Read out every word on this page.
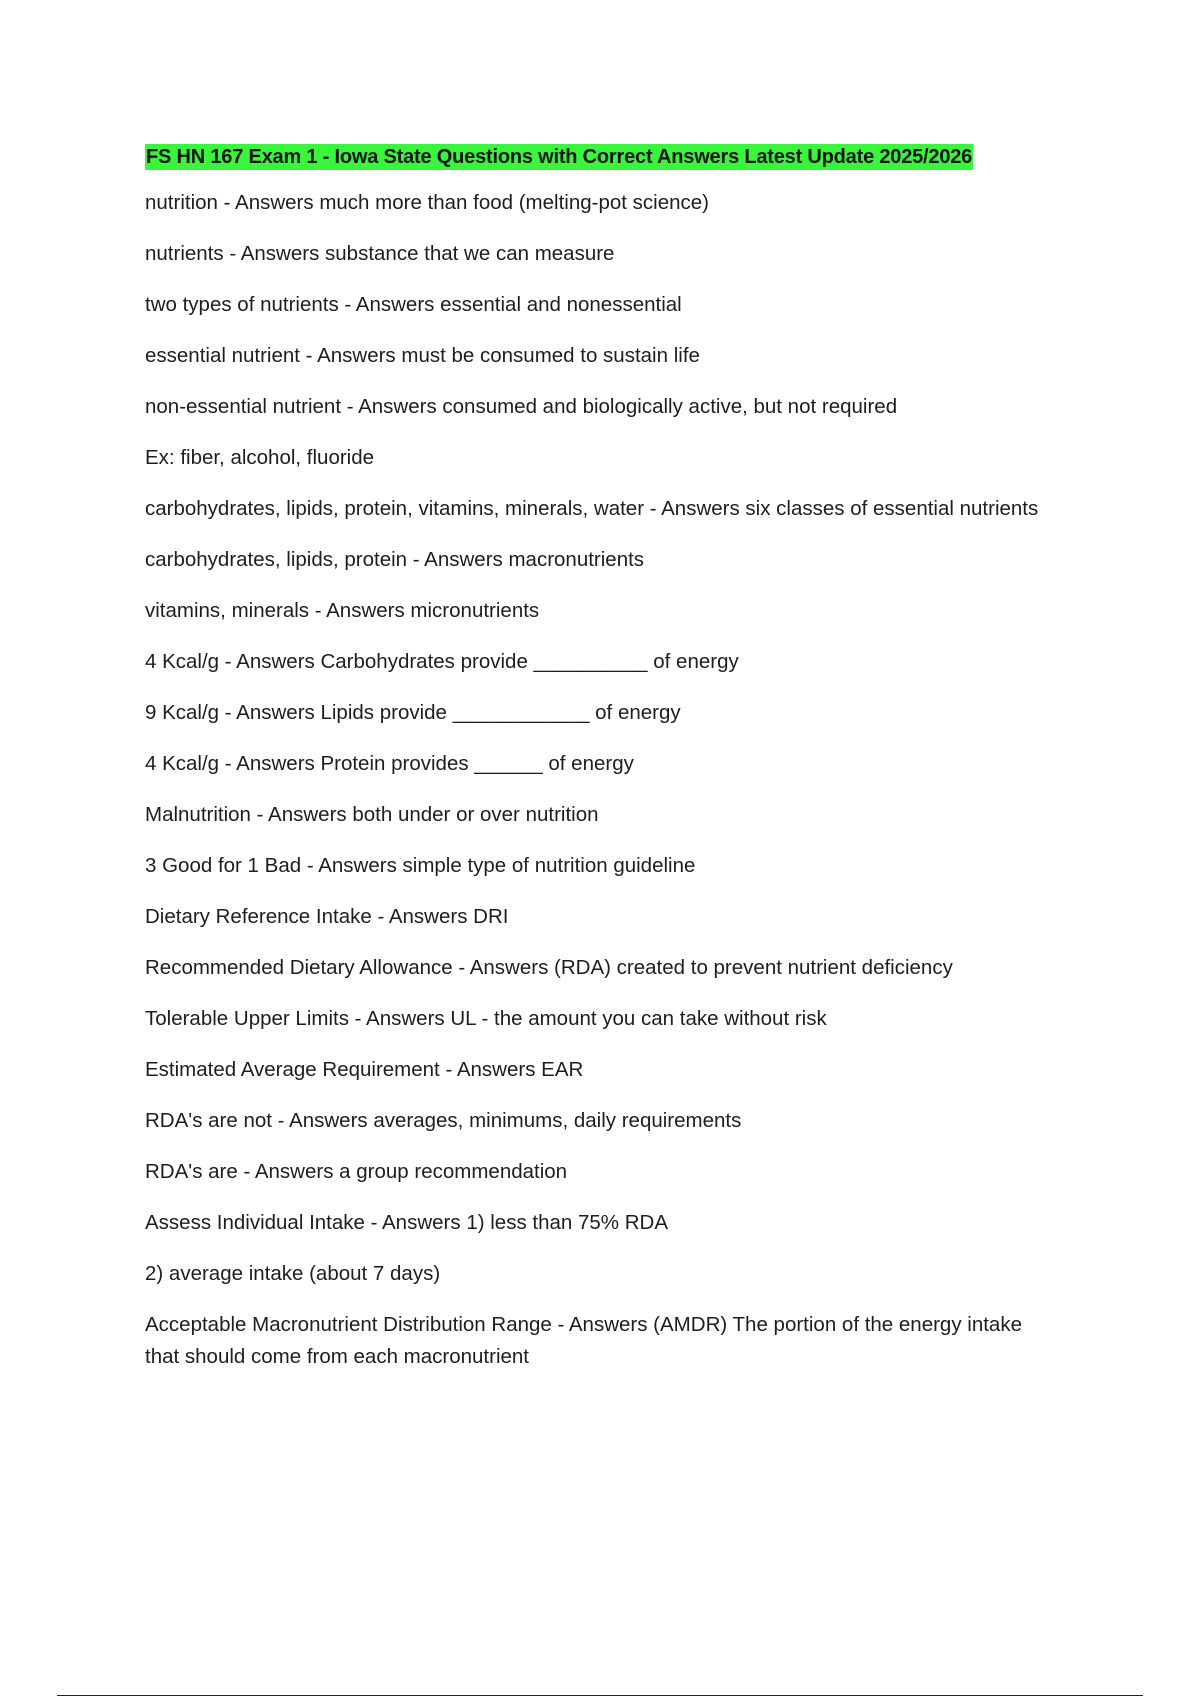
FS HN 167 Exam 1 - Iowa State Questions with Correct Answers Latest Update 2025/2026

nutrition - Answers much more than food (melting-pot science)

nutrients - Answers substance that we can measure

two types of nutrients - Answers essential and nonessential

essential nutrient - Answers must be consumed to sustain life

non-essential nutrient - Answers consumed and biologically active, but not required

Ex: fiber, alcohol, fluoride

carbohydrates, lipids, protein, vitamins, minerals, water - Answers six classes of essential nutrients

carbohydrates, lipids, protein - Answers macronutrients

vitamins, minerals - Answers micronutrients

4 Kcal/g - Answers Carbohydrates provide __________ of energy

9 Kcal/g - Answers Lipids provide ____________ of energy

4 Kcal/g - Answers Protein provides ______ of energy

Malnutrition - Answers both under or over nutrition

3 Good for 1 Bad - Answers simple type of nutrition guideline

Dietary Reference Intake - Answers DRI

Recommended Dietary Allowance - Answers (RDA) created to prevent nutrient deficiency

Tolerable Upper Limits - Answers UL - the amount you can take without risk

Estimated Average Requirement - Answers EAR

RDA's are not - Answers averages, minimums, daily requirements

RDA's are - Answers a group recommendation

Assess Individual Intake - Answers 1) less than 75% RDA

2) average intake (about 7 days)

Acceptable Macronutrient Distribution Range - Answers (AMDR) The portion of the energy intake that should come from each macronutrient
